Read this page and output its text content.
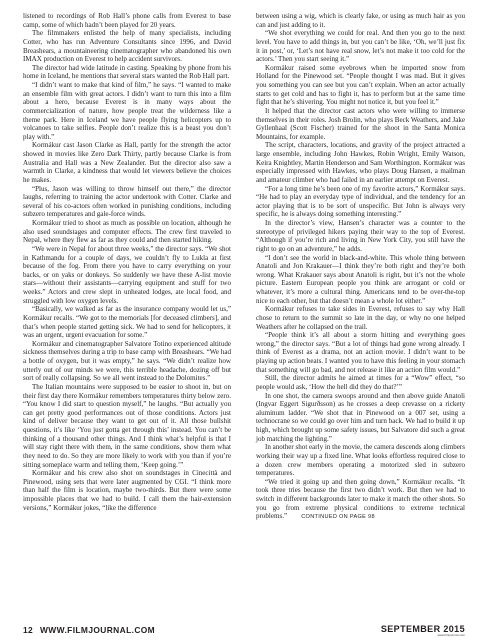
listened to recordings of Rob Hall’s phone calls from Everest to base camp, some of which hadn’t been played for 20 years.

The filmmakers enlisted the help of many specialists, including Cotter, who has run Adventure Consultants since 1996, and David Breashears, a mountaineering cinematographer who abandoned his own IMAX production on Everest to help accident survivors.

The director had wide latitude in casting. Speaking by phone from his home in Iceland, he mentions that several stars wanted the Rob Hall part.

“I didn’t want to make that kind of film,” he says. “I wanted to make an ensemble film with great actors. I didn’t want to turn this into a film about a hero, because Everest is in many ways about the commercialization of nature, how people treat the wilderness like a theme park. Here in Iceland we have people flying helicopters up to volcanoes to take selfies. People don’t realize this is a beast you don’t play with.”

Kormákur cast Jason Clarke as Hall, partly for the strength the actor showed in movies like Zero Dark Thirty, partly because Clarke is from Australia and Hall was a New Zealander. But the director also saw a warmth in Clarke, a kindness that would let viewers believe the choices he makes.

“Plus, Jason was willing to throw himself out there,” the director laughs, referring to training the actor undertook with Cotter. Clarke and several of his co-actors often worked in punishing conditions, including subzero temperatures and gale-force winds.

Kormákur tried to shoot as much as possible on location, although he also used soundstages and computer effects. The crew first traveled to Nepal, where they flew as far as they could and then started hiking.

“We were in Nepal for about three weeks,” the director says. “We shot in Kathmandu for a couple of days, we couldn’t fly to Lukla at first because of the fog. From there you have to carry everything on your backs, or on yaks or donkeys. So suddenly we have these A-list movie stars—without their assistants—carrying equipment and stuff for two weeks.” Actors and crew slept in unheated lodges, ate local food, and struggled with low oxygen levels.

“Basically, we walked as far as the insurance company would let us,” Kormákur recalls. “We got to the memorials [for deceased climbers], and that’s when people started getting sick. We had to send for helicopters, it was an urgent, urgent evacuation for some.”

Kormákur and cinematographer Salvatore Totino experienced altitude sickness themselves during a trip to base camp with Breashears. “We had a bottle of oxygen, but it was empty,” he says. “We didn’t realize how utterly out of our minds we were, this terrible headache, dozing off but sort of really collapsing. So we all went instead to the Dolomites.”

The Italian mountains were supposed to be easier to shoot in, but on their first day there Kormákur remembers temperatures thirty below zero. “You know I did start to question myself,” he laughs. “But actually you can get pretty good performances out of those conditions. Actors just kind of deliver because they want to get out of it. All those bullshit questions, it’s like ‘You just gotta get through this’ instead. You can’t be thinking of a thousand other things. And I think what’s helpful is that I will stay right there with them, in the same conditions, show them what they need to do. So they are more likely to work with you than if you’re sitting someplace warm and telling them, ‘Keep going.’”

Kormákur and his crew also shot on soundstages in Cinecittà and Pinewood, using sets that were later augmented by CGI. “I think more than half the film is location, maybe two-thirds. But there were some impossible places that we had to build. I call them the hair-extension versions,” Kormákur jokes, “like the difference

between using a wig, which is clearly fake, or using as much hair as you can and just adding to it.

“We shot everything we could for real. And then you go to the next level. You have to add things in, but you can’t be like, ‘Oh, we’ll just fix it in post,’ or, ‘Let’s not have real snow, let’s not make it too cold for the actors.’ Then you start seeing it.”

Kormákur raised some eyebrows when he imported snow from Holland for the Pinewood set. “People thought I was mad. But it gives you something you can see but you can’t explain. When an actor actually starts to get cold and has to fight it, has to perform but at the same time fight that he’s shivering. You might not notice it, but you feel it.”

It helped that the director cast actors who were willing to immerse themselves in their roles. Josh Brolin, who plays Beck Weathers, and Jake Gyllenhaal (Scott Fischer) trained for the shoot in the Santa Monica Mountains, for example.

The script, characters, locations, and gravity of the project attracted a large ensemble, including John Hawkes, Robin Wright, Emily Watson, Keira Knightley, Martin Henderson and Sam Worthington. Kormákur was especially impressed with Hawkes, who plays Doug Hansen, a mailman and amateur climber who had failed in an earlier attempt on Everest.

“For a long time he’s been one of my favorite actors,” Kormákur says. “He had to play an everyday type of individual, and the tendency for an actor playing that is to be sort of unspecific. But John is always very specific, he is always doing something interesting.”

In the director’s view, Hansen’s character was a counter to the stereotype of privileged hikers paying their way to the top of Everest. “Although if you’re rich and living in New York City, you still have the right to go on an adventure,” he adds.

“I don’t see the world in black-and-white. This whole thing between Anatoli and Jon Krakauer—I think they’re both right and they’re both wrong. What Krakauer says about Anatoli is right, but it’s not the whole picture. Eastern European people you think are arrogant or cold or whatever, it’s more a cultural thing. Americans tend to be over-the-top nice to each other, but that doesn’t mean a whole lot either.”

Kormákur refuses to take sides in Everest, refuses to say why Hall chose to return to the summit so late in the day, or why no one helped Weathers after he collapsed on the trail.

“People think it’s all about a storm hitting and everything goes wrong,” the director says. “But a lot of things had gone wrong already. I think of Everest as a drama, not an action movie. I didn’t want to be playing up action beats. I wanted you to have this feeling in your stomach that something will go bad, and not release it like an action film would.”

Still, the director admits he aimed at times for a “Wow” effect, “so people would ask, ‘How the hell did they do that?’”

In one shot, the camera swoops around and then above guide Anatoli (Ingvar Eggert Sigurðsson) as he crosses a deep crevasse on a rickety aluminum ladder. “We shot that in Pinewood on a 007 set, using a technocrane so we could go over him and turn back. We had to build it up high, which brought up some safety issues, but Salvatore did such a great job matching the lighting.”

In another shot early in the movie, the camera descends along climbers working their way up a fixed line. What looks effortless required close to a dozen crew members operating a motorized sled in subzero temperatures.

“We tried it going up and then going down,” Kormákur recalls. “It took three tries because the first two didn’t work. But then we had to switch in different backgrounds later to make it match the other shots. So you go from extreme physical conditions to extreme technical problems.”  	CONTINUED ON PAGE 98

12 WWW.FILMJOURNAL.COM	SEPTEMBER 2015
www.filmjournal.com
